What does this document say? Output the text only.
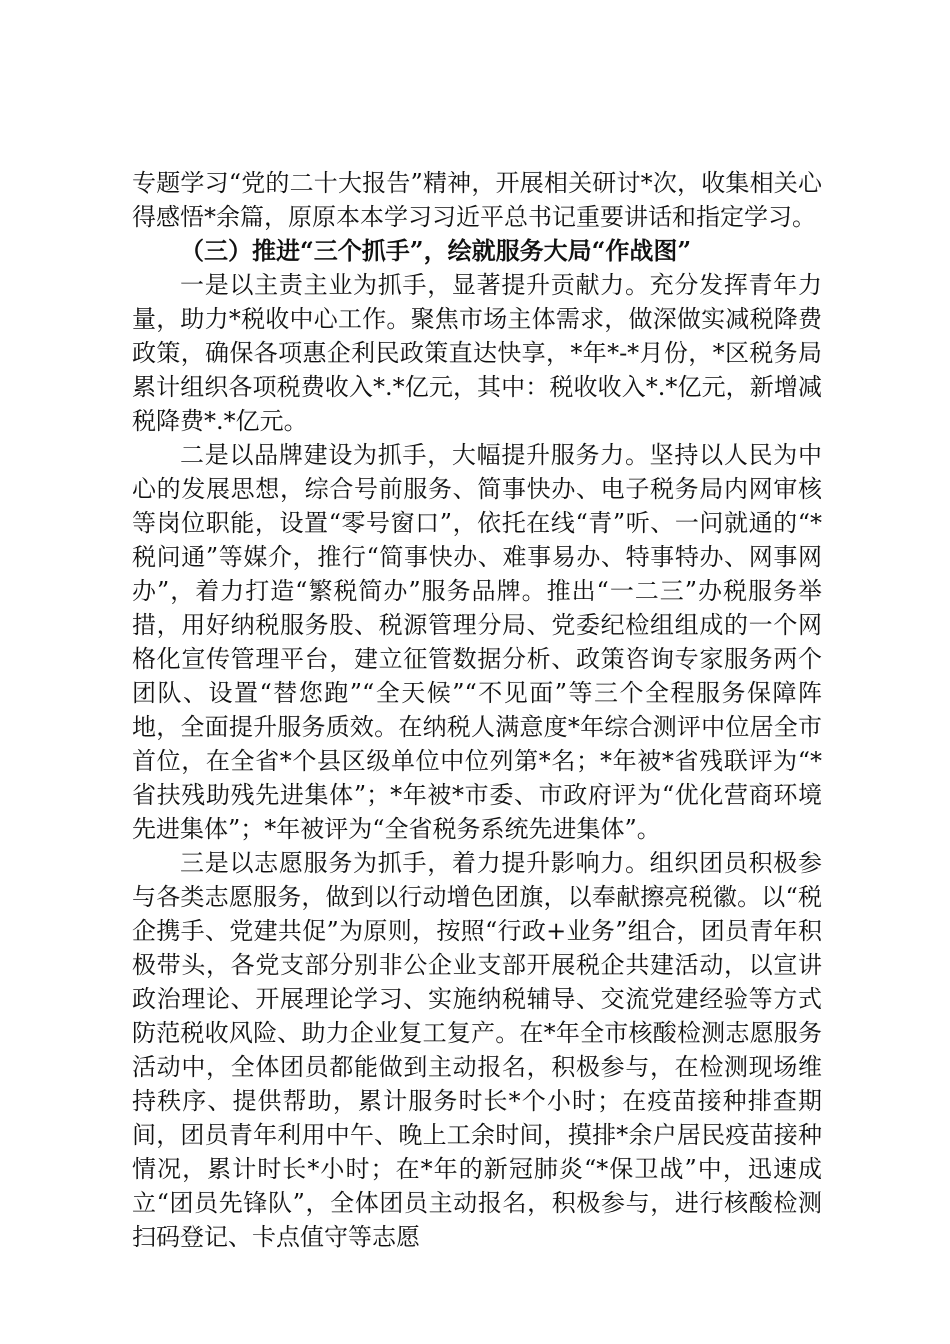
专题学习“党的二十大报告”精神，开展相关研讨*次，收集相关心得感悟*余篇，原原本本学习习近平总书记重要讲话和指定学习。

（三）推进“三个抓手”，绘就服务大局“作战图”

一是以主责主业为抓手，显著提升贡献力。充分发挥青年力量，助力*税收中心工作。聚焦市场主体需求，做深做实减税降费政策，确保各项惠企利民政策直达快享，*年*-*月份，*区税务局累计组织各项税费收入*.*亿元，其中：税收收入*.*亿元，新增减税降费*.*亿元。

二是以品牌建设为抓手，大幅提升服务力。坚持以人民为中心的发展思想，综合号前服务、简事快办、电子税务局内网审核等岗位职能，设置“零号窗口”，依托在线“青”听、一问就通的“*税问通”等媒介，推行“简事快办、难事易办、特事特办、网事网办”，着力打造“繁税简办”服务品牌。推出“一二三”办税服务举措，用好纳税服务股、税源管理分局、党委纪检组组成的一个网格化宣传管理平台，建立征管数据分析、政策咨询专家服务两个团队、设置“替您跑”“全天候”“不见面”等三个全程服务保障阵地，全面提升服务质效。在纳税人满意度*年综合测评中位居全市首位，在全省*个县区级单位中位列第*名；*年被*省残联评为“*省扶残助残先进集体”；*年被*市委、市政府评为“优化营商环境先进集体”；*年被评为“全省税务系统先进集体”。

三是以志愿服务为抓手，着力提升影响力。组织团员积极参与各类志愿服务，做到以行动增色团旗，以奉献擦亮税徽。以“税企携手、党建共促”为原则，按照“行政+业务”组合，团员青年积极带头，各党支部分别非公企业支部开展税企共建活动，以宣讲政治理论、开展理论学习、实施纳税辅导、交流党建经验等方式防范税收风险、助力企业复工复产。在*年全市核酸检测志愿服务活动中，全体团员都能做到主动报名，积极参与，在检测现场维持秩序、提供帮助，累计服务时长*个小时；在疫苗接种排查期间，团员青年利用中午、晚上工余时间，摸排*余户居民疫苗接种情况，累计时长*小时；在*年的新冠肺炎“*保卫战”中，迅速成立“团员先锋队”，全体团员主动报名，积极参与，进行核酸检测扫码登记、卡点值守等志愿
